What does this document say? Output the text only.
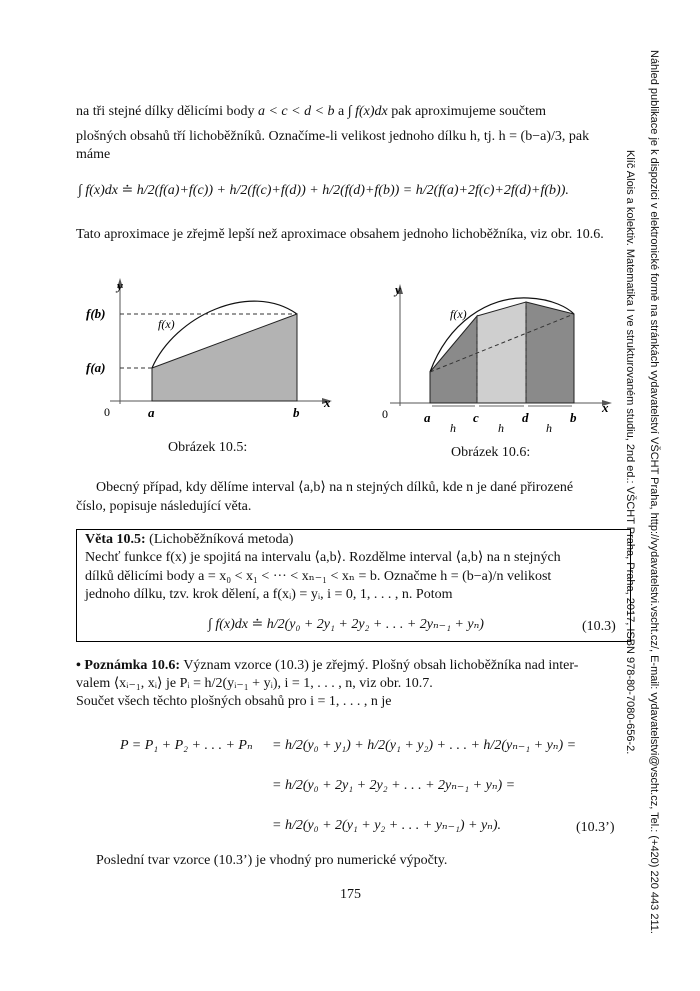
Náhled publikace je k dispozici v elektronické formě na stránkách vydavatelství VŠCHT Praha, http://vydavatelstvi.vscht.cz/, E-mail: vydavatelstvi@vscht.cz, Tel.: (+420) 220 443 211.
Klíč Alois a kolektiv. Matematika I ve strukturovaném studiu, 2nd ed.: VŠCHT Praha, Praha, 2017, ISBN 978-80-7080-656-2.
na tři stejné dílky dělicími body a < c < d < b a ∫ f(x)dx pak aproximujeme součtem
plošných obsahů tří lichoběžníků. Označíme-li velikost jednoho dílku h, tj. h = (b−a)/3, pak
máme
∫ f(x)dx ≐ h/2(f(a)+f(c)) + h/2(f(c)+f(d)) + h/2(f(d)+f(b)) = h/2(f(a)+2f(c)+2f(d)+f(b)).
Tato aproximace je zřejmě lepší než aproximace obsahem jednoho lichoběžníka, viz obr. 10.6.
y
x
f(b)
f(a)
f(x)
0	a	b
Obrázek 10.5:
y
x
f(x)
0	a	c	d	b
h	h	h
Obrázek 10.6:
Obecný případ, kdy dělíme interval ⟨a,b⟩ na n stejných dílků, kde n je dané přirozené
číslo, popisuje následující věta.
Věta 10.5: (Lichoběžníková metoda)
Nechť funkce f(x) je spojitá na intervalu ⟨a,b⟩. Rozdělme interval ⟨a,b⟩ na n stejných
dílků dělicími body a = x₀ < x₁ < ··· < xₙ₋₁ < xₙ = b. Označme h = (b−a)/n velikost
jednoho dílku, tzv. krok dělení, a f(xᵢ) = yᵢ, i = 0, 1, . . . , n. Potom
∫ f(x)dx ≐ h/2(y₀ + 2y₁ + 2y₂ + . . . + 2yₙ₋₁ + yₙ)	(10.3)
• Poznámka 10.6: Význam vzorce (10.3) je zřejmý. Plošný obsah lichoběžníka nad inter-
valem ⟨xᵢ₋₁, xᵢ⟩ je Pᵢ = h/2(yᵢ₋₁ + yᵢ), i = 1, . . . , n, viz obr. 10.7.
Součet všech těchto plošných obsahů pro i = 1, . . . , n je
P = P₁ + P₂ + . . . + Pₙ = h/2(y₀ + y₁) + h/2(y₁ + y₂) + . . . + h/2(yₙ₋₁ + yₙ) =
= h/2(y₀ + 2y₁ + 2y₂ + . . . + 2yₙ₋₁ + yₙ) =
= h/2(y₀ + 2(y₁ + y₂ + . . . + yₙ₋₁) + yₙ).	(10.3’)
Poslední tvar vzorce (10.3’) je vhodný pro numerické výpočty.
175
